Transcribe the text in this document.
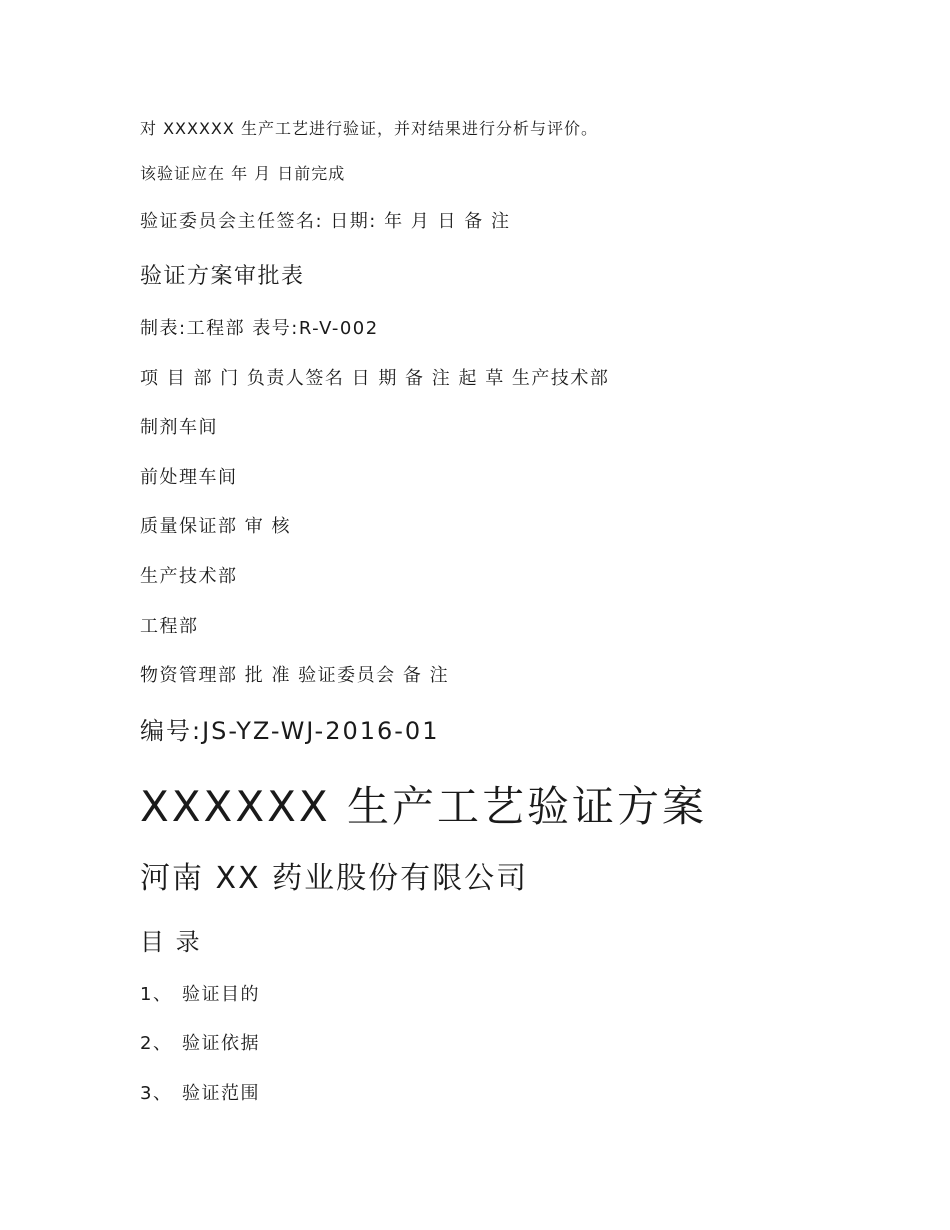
对 XXXXXX 生产工艺进行验证，并对结果进行分析与评价。
该验证应在 年 月 日前完成
验证委员会主任签名: 日期: 年 月 日 备 注
验证方案审批表
制表:工程部 表号:R-V-002
项 目 部 门 负责人签名 日 期 备 注 起 草 生产技术部
制剂车间
前处理车间
质量保证部 审 核
生产技术部
工程部
物资管理部 批 准 验证委员会 备 注
编号:JS-YZ-WJ-2016-01
XXXXXX 生产工艺验证方案
河南 XX 药业股份有限公司
目 录
1、 验证目的
2、 验证依据
3、 验证范围
